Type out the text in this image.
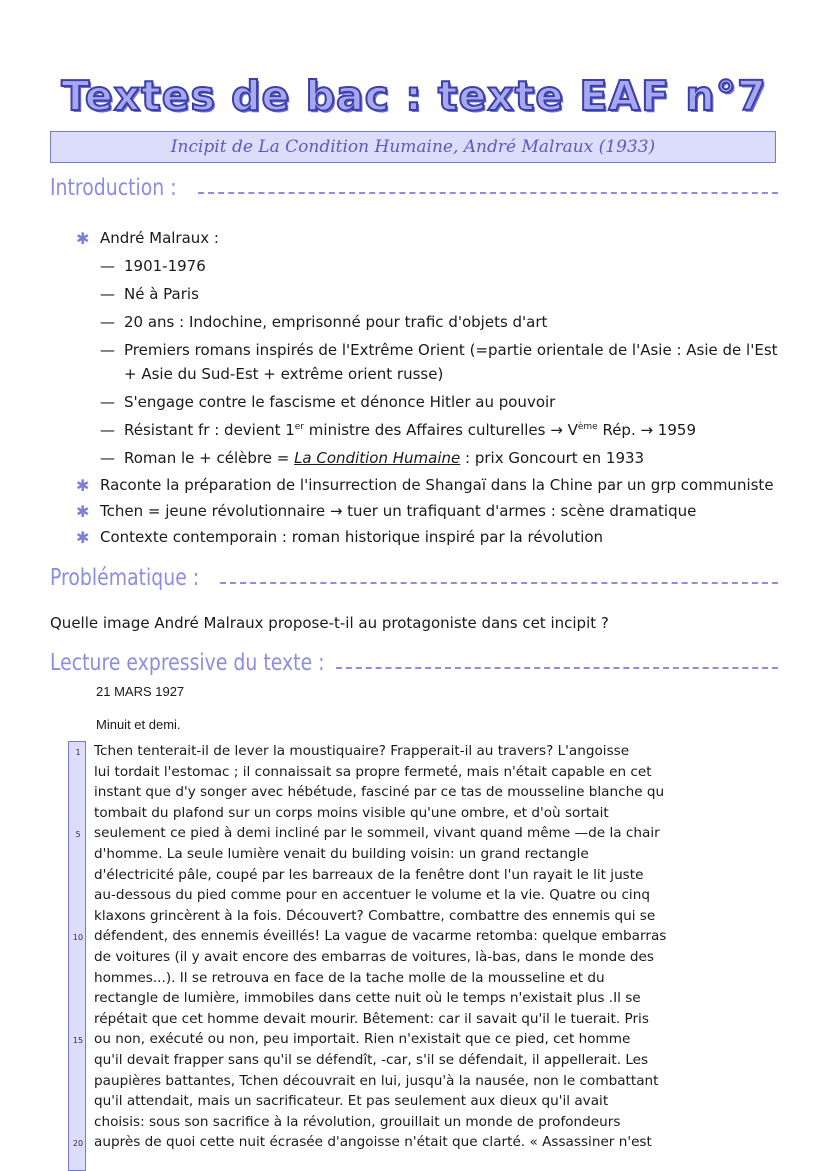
Textes de bac : texte EAF n°7
Incipit de La Condition Humaine, André Malraux (1933)
Introduction :
✱ André Malraux :
— 1901-1976
— Né à Paris
— 20 ans : Indochine, emprisonné pour trafic d'objets d'art
— Premiers romans inspirés de l'Extrême Orient (=partie orientale de l'Asie : Asie de l'Est
+ Asie du Sud-Est + extrême orient russe)
— S'engage contre le fascisme et dénonce Hitler au pouvoir
— Résistant fr : devient 1er ministre des Affaires culturelles → Vème Rép. → 1959
— Roman le + célèbre = La Condition Humaine : prix Goncourt en 1933
✱ Raconte la préparation de l'insurrection de Shangaï dans la Chine par un grp communiste
✱ Tchen = jeune révolutionnaire → tuer un trafiquant d'armes : scène dramatique
✱ Contexte contemporain : roman historique inspiré par la révolution
Problématique :
Quelle image André Malraux propose-t-il au protagoniste dans cet incipit ?
Lecture expressive du texte :
21 MARS 1927
Minuit et demi.
1
5
10
15
20
Tchen tenterait-il de lever la moustiquaire? Frapperait-il au travers? L'angoisse
lui tordait l'estomac ; il connaissait sa propre fermeté, mais n'était capable en cet
instant que d'y songer avec hébétude, fasciné par ce tas de mousseline blanche qu
tombait du plafond sur un corps moins visible qu'une ombre, et d'où sortait
seulement ce pied à demi incliné par le sommeil, vivant quand même —de la chair
d'homme. La seule lumière venait du building voisin: un grand rectangle
d'électricité pâle, coupé par les barreaux de la fenêtre dont l'un rayait le lit juste
au-dessous du pied comme pour en accentuer le volume et la vie. Quatre ou cinq
klaxons grincèrent à la fois. Découvert? Combattre, combattre des ennemis qui se
défendent, des ennemis éveillés! La vague de vacarme retomba: quelque embarras
de voitures (il y avait encore des embarras de voitures, là-bas, dans le monde des
hommes...). Il se retrouva en face de la tache molle de la mousseline et du
rectangle de lumière, immobiles dans cette nuit où le temps n'existait plus .Il se
répétait que cet homme devait mourir. Bêtement: car il savait qu'il le tuerait. Pris
ou non, exécuté ou non, peu importait. Rien n'existait que ce pied, cet homme
qu'il devait frapper sans qu'il se défendît, -car, s'il se défendait, il appellerait. Les
paupières battantes, Tchen découvrait en lui, jusqu'à la nausée, non le combattant
qu'il attendait, mais un sacrificateur. Et pas seulement aux dieux qu'il avait
choisis: sous son sacrifice à la révolution, grouillait un monde de profondeurs
auprès de quoi cette nuit écrasée d'angoisse n'était que clarté. « Assassiner n'est
